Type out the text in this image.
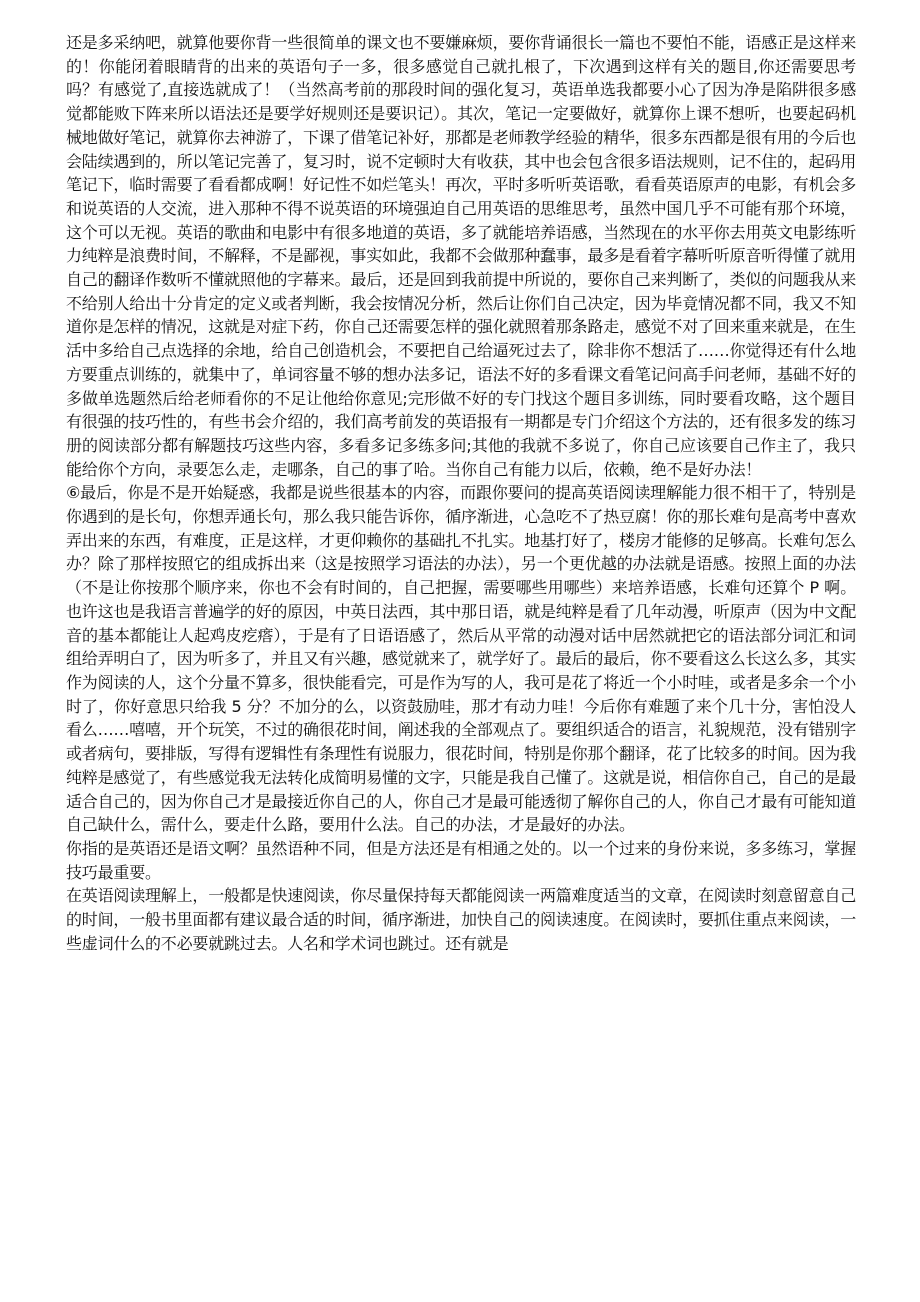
还是多采纳吧，就算他要你背一些很简单的课文也不要嫌麻烦，要你背诵很长一篇也不要怕不能，语感正是这样来的！你能闭着眼睛背的出来的英语句子一多，很多感觉自己就扎根了，下次遇到这样有关的题目,你还需要思考吗？有感觉了,直接选就成了！（当然高考前的那段时间的强化复习，英语单选我都要小心了因为净是陷阱很多感觉都能败下阵来所以语法还是要学好规则还是要识记）。其次，笔记一定要做好，就算你上课不想听，也要起码机械地做好笔记，就算你去神游了，下课了借笔记补好，那都是老师教学经验的精华，很多东西都是很有用的今后也会陆续遇到的，所以笔记完善了，复习时，说不定顿时大有收获，其中也会包含很多语法规则，记不住的，起码用笔记下，临时需要了看看都成啊！好记性不如烂笔头！再次，平时多听听英语歌，看看英语原声的电影，有机会多和说英语的人交流，进入那种不得不说英语的环境强迫自己用英语的思维思考，虽然中国几乎不可能有那个环境，这个可以无视。英语的歌曲和电影中有很多地道的英语，多了就能培养语感，当然现在的水平你去用英文电影练听力纯粹是浪费时间，不解释，不是鄙视，事实如此，我都不会做那种蠢事，最多是看着字幕听听原音听得懂了就用自己的翻译作数听不懂就照他的字幕来。最后，还是回到我前提中所说的，要你自己来判断了，类似的问题我从来不给别人给出十分肯定的定义或者判断，我会按情况分析，然后让你们自己决定，因为毕竟情况都不同，我又不知道你是怎样的情况，这就是对症下药，你自己还需要怎样的强化就照着那条路走，感觉不对了回来重来就是，在生活中多给自己点选择的余地，给自己创造机会，不要把自己给逼死过去了，除非你不想活了……你觉得还有什么地方要重点训练的，就集中了，单词容量不够的想办法多记，语法不好的多看课文看笔记问高手问老师，基础不好的多做单选题然后给老师看你的不足让他给你意见;完形做不好的专门找这个题目多训练，同时要看攻略，这个题目有很强的技巧性的，有些书会介绍的，我们高考前发的英语报有一期都是专门介绍这个方法的，还有很多发的练习册的阅读部分都有解题技巧这些内容，多看多记多练多问;其他的我就不多说了，你自己应该要自己作主了，我只能给你个方向，录要怎么走，走哪条，自己的事了哈。当你自己有能力以后，依赖，绝不是好办法！

⑥最后，你是不是开始疑惑，我都是说些很基本的内容，而跟你要问的提高英语阅读理解能力很不相干了，特别是你遇到的是长句，你想弄通长句，那么我只能告诉你，循序渐进，心急吃不了热豆腐！你的那长难句是高考中喜欢弄出来的东西，有难度，正是这样，才更仰赖你的基础扎不扎实。地基打好了，楼房才能修的足够高。长难句怎么办？除了那样按照它的组成拆出来（这是按照学习语法的办法），另一个更优越的办法就是语感。按照上面的办法（不是让你按那个顺序来，你也不会有时间的，自己把握，需要哪些用哪些）来培养语感，长难句还算个 P 啊。也许这也是我语言普遍学的好的原因，中英日法西，其中那日语，就是纯粹是看了几年动漫，听原声（因为中文配音的基本都能让人起鸡皮疙瘩），于是有了日语语感了，然后从平常的动漫对话中居然就把它的语法部分词汇和词组给弄明白了，因为听多了，并且又有兴趣，感觉就来了，就学好了。最后的最后，你不要看这么长这么多，其实作为阅读的人，这个分量不算多，很快能看完，可是作为写的人，我可是花了将近一个小时哇，或者是多余一个小时了，你好意思只给我 5 分？不加分的么，以资鼓励哇，那才有动力哇！今后你有难题了来个几十分，害怕没人看么……嘻嘻，开个玩笑，不过的确很花时间，阐述我的全部观点了。要组织适合的语言，礼貌规范，没有错别字或者病句，要排版，写得有逻辑性有条理性有说服力，很花时间，特别是你那个翻译，花了比较多的时间。因为我纯粹是感觉了，有些感觉我无法转化成简明易懂的文字，只能是我自己懂了。这就是说，相信你自己，自己的是最适合自己的，因为你自己才是最接近你自己的人，你自己才是最可能透彻了解你自己的人，你自己才最有可能知道自己缺什么，需什么，要走什么路，要用什么法。自己的办法，才是最好的办法。

你指的是英语还是语文啊？虽然语种不同，但是方法还是有相通之处的。以一个过来的身份来说，多多练习，掌握技巧最重要。

在英语阅读理解上，一般都是快速阅读，你尽量保持每天都能阅读一两篇难度适当的文章，在阅读时刻意留意自己的时间，一般书里面都有建议最合适的时间，循序渐进，加快自己的阅读速度。在阅读时，要抓住重点来阅读，一些虚词什么的不必要就跳过去。人名和学术词也跳过。还有就是
